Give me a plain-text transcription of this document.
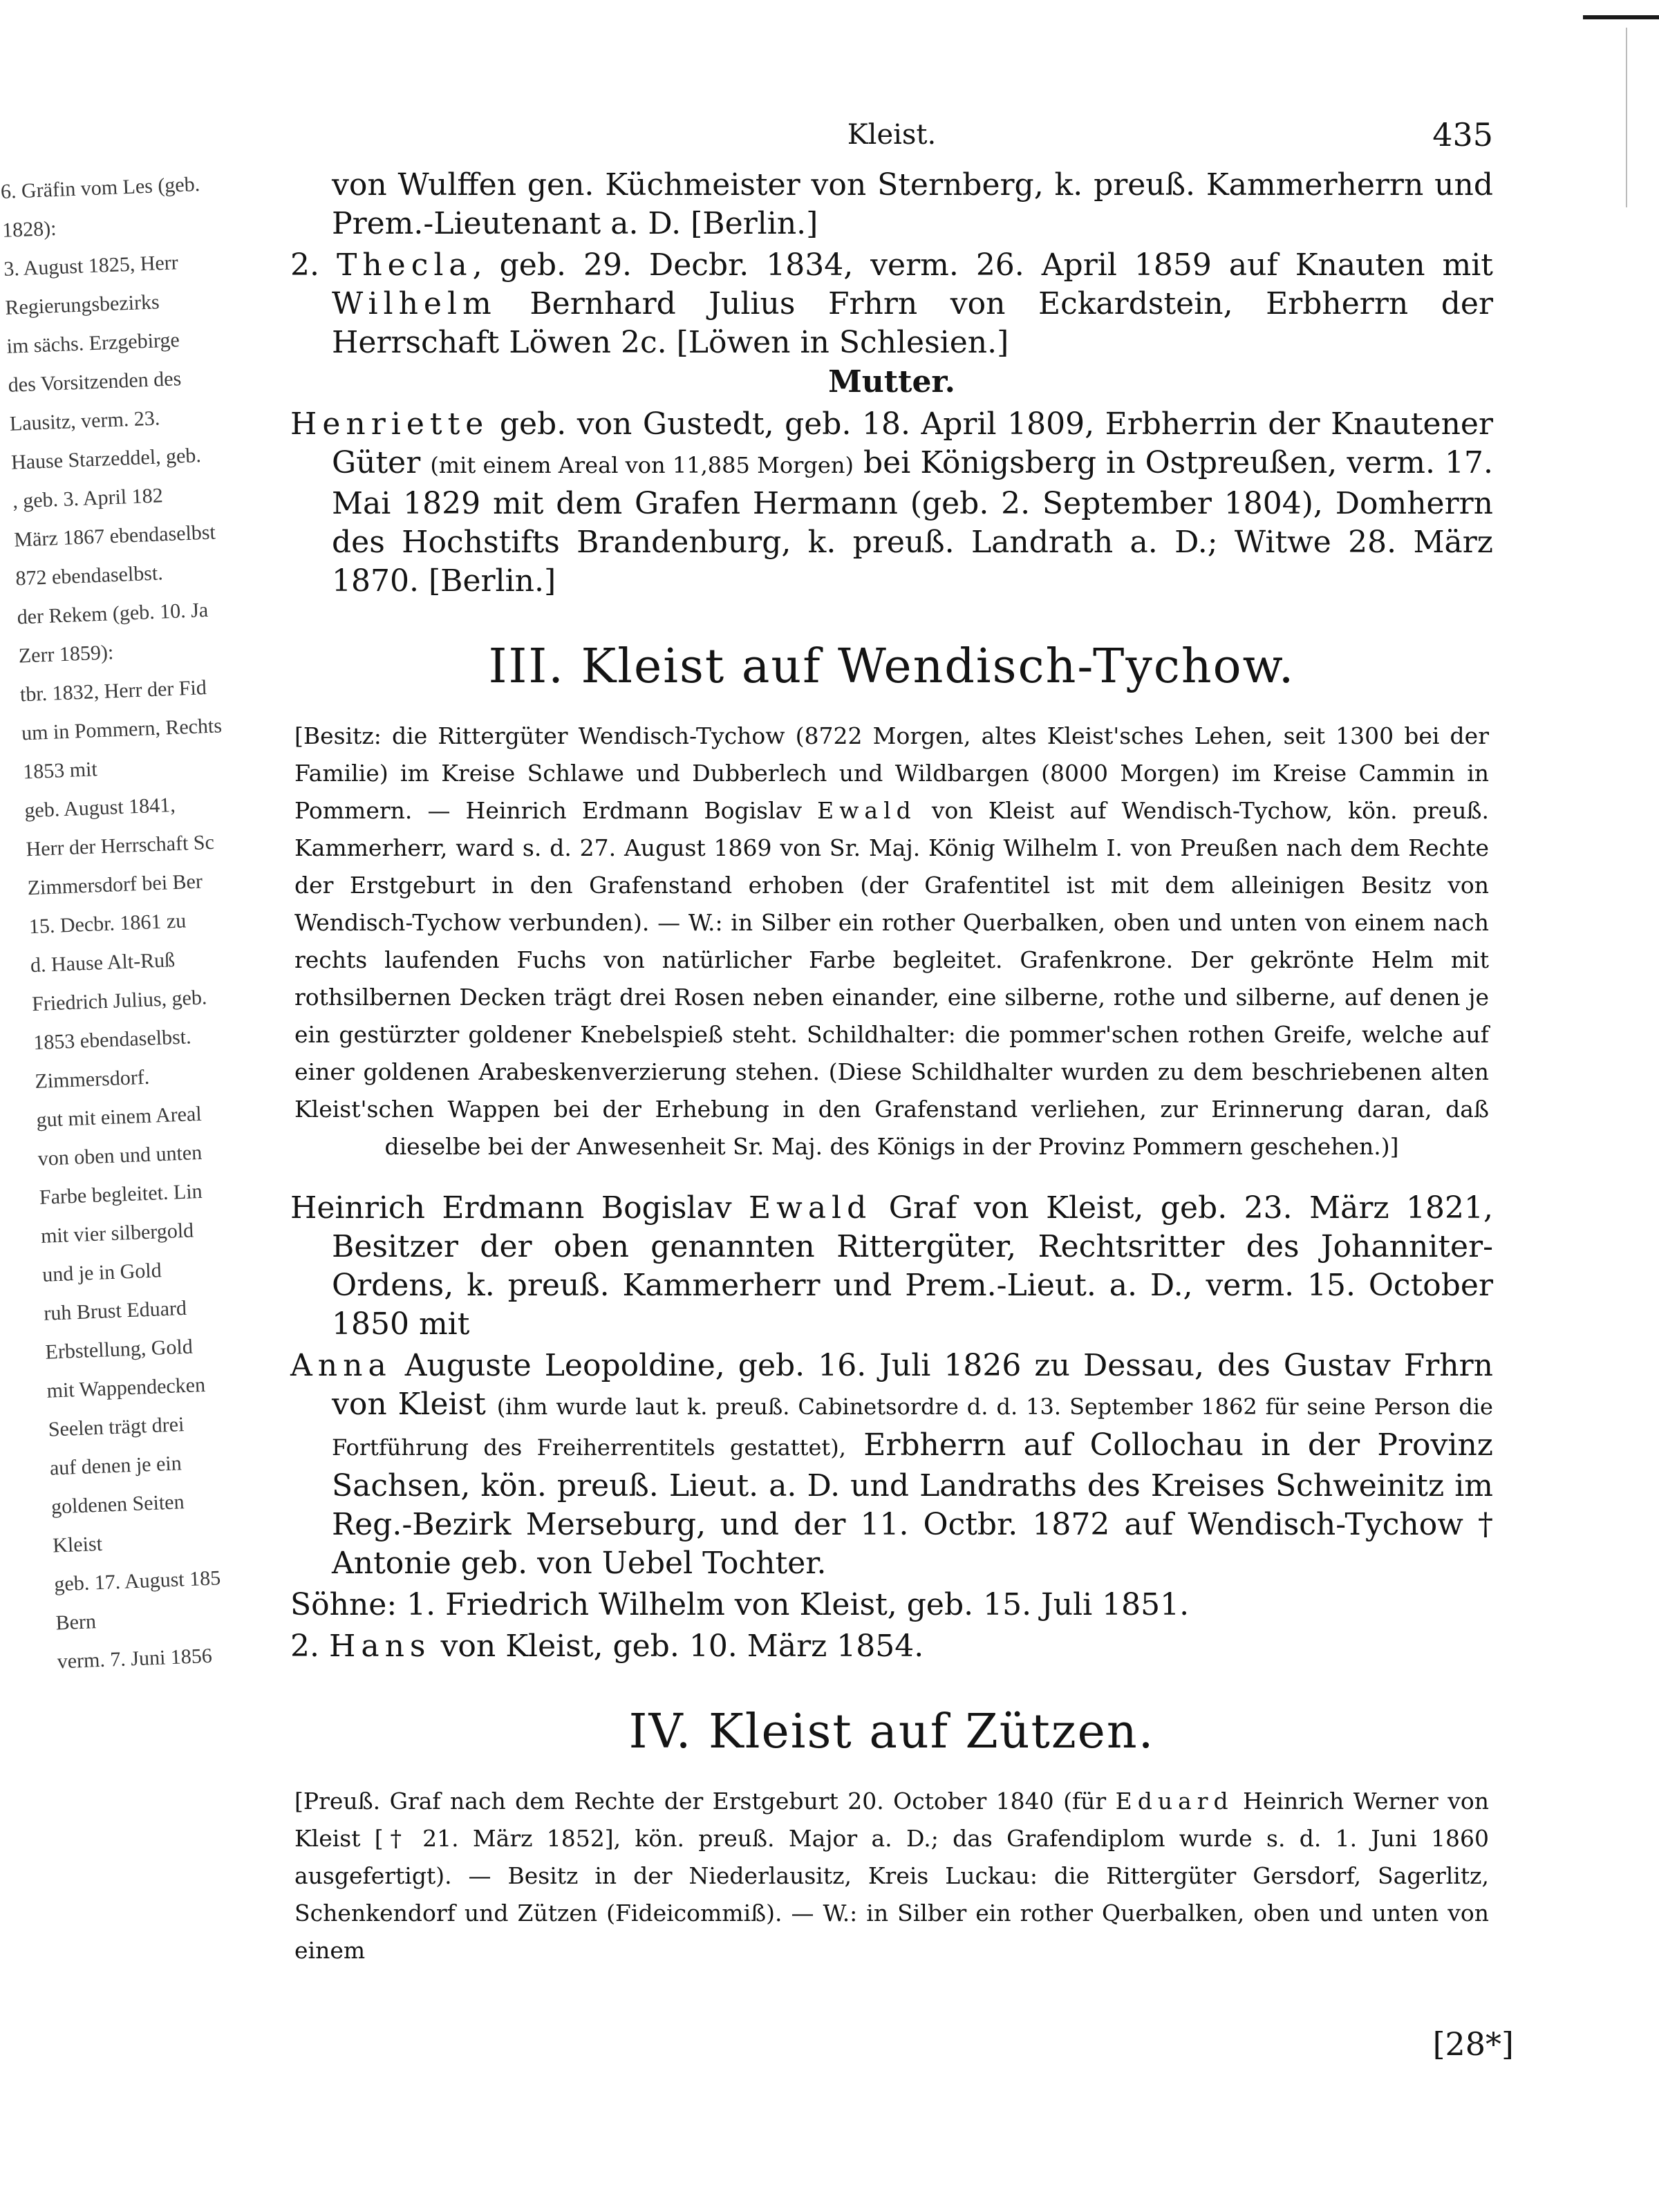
6. Gräfin vom Les (geb.
1828):
3. August 1825, Herr
Regierungsbezirks
im sächs. Erzgebirge
des Vorsitzenden des
Lausitz, verm. 23.
Hause Starzeddel, geb.
, geb. 3. April 182
März 1867 ebendaselbst
872 ebendaselbst.
der Rekem (geb. 10. Ja
Zerr 1859):
tbr. 1832, Herr der Fid
um in Pommern, Rechts
1853 mit
geb. August 1841,
Herr der Herrschaft Sc
Zimmersdorf bei Ber
15. Decbr. 1861 zu
d. Hause Alt-Ruß
Friedrich Julius, geb.
1853 ebendaselbst.
Zimmersdorf.
gut mit einem Areal
von oben und unten
Farbe begleitet. Lin
mit vier silbergold
und je in Gold
ruh Brust Eduard
Erbstellung, Gold
mit Wappendecken
Seelen trägt drei
auf denen je ein
goldenen Seiten
Kleist
geb. 17. August 185
Bern
verm. 7. Juni 1856
Kleist.	435

von Wulffen gen. Küchmeister von Sternberg, k. preuß. Kammerherrn und Prem.-Lieutenant a. D. [Berlin.]

2. Thecla, geb. 29. Decbr. 1834, verm. 26. April 1859 auf Knauten mit Wilhelm Bernhard Julius Frhrn von Eckardstein, Erbherrn der Herrschaft Löwen 2c. [Löwen in Schlesien.]

Mutter.

Henriette geb. von Gustedt, geb. 18. April 1809, Erbherrin der Knautener Güter (mit einem Areal von 11,885 Morgen) bei Königsberg in Ostpreußen, verm. 17. Mai 1829 mit dem Grafen Hermann (geb. 2. September 1804), Domherrn des Hochstifts Brandenburg, k. preuß. Landrath a. D.; Witwe 28. März 1870. [Berlin.]

III. Kleist auf Wendisch-Tychow.

[Besitz: die Rittergüter Wendisch-Tychow (8722 Morgen, altes Kleist'sches Lehen, seit 1300 bei der Familie) im Kreise Schlawe und Dubberlech und Wildbargen (8000 Morgen) im Kreise Cammin in Pommern. — Heinrich Erdmann Bogislav Ewald von Kleist auf Wendisch-Tychow, kön. preuß. Kammerherr, ward s. d. 27. August 1869 von Sr. Maj. König Wilhelm I. von Preußen nach dem Rechte der Erstgeburt in den Grafenstand erhoben (der Grafentitel ist mit dem alleinigen Besitz von Wendisch-Tychow verbunden). — W.: in Silber ein rother Querbalken, oben und unten von einem nach rechts laufenden Fuchs von natürlicher Farbe begleitet. Grafenkrone. Der gekrönte Helm mit rothsilbernen Decken trägt drei Rosen neben einander, eine silberne, rothe und silberne, auf denen je ein gestürzter goldener Knebelspieß steht. Schildhalter: die pommer'schen rothen Greife, welche auf einer goldenen Arabeskenverzierung stehen. (Diese Schildhalter wurden zu dem beschriebenen alten Kleist'schen Wappen bei der Erhebung in den Grafenstand verliehen, zur Erinnerung daran, daß dieselbe bei der Anwesenheit Sr. Maj. des Königs in der Provinz Pommern geschehen.)]

Heinrich Erdmann Bogislav Ewald Graf von Kleist, geb. 23. März 1821, Besitzer der oben genannten Rittergüter, Rechtsritter des Johanniter-Ordens, k. preuß. Kammerherr und Prem.-Lieut. a. D., verm. 15. October 1850 mit

Anna Auguste Leopoldine, geb. 16. Juli 1826 zu Dessau, des Gustav Frhrn von Kleist (ihm wurde laut k. preuß. Cabinetsordre d. d. 13. September 1862 für seine Person die Fortführung des Freiherrentitels gestattet), Erbherrn auf Collochau in der Provinz Sachsen, kön. preuß. Lieut. a. D. und Landraths des Kreises Schweinitz im Reg.-Bezirk Merseburg, und der 11. Octbr. 1872 auf Wendisch-Tychow † Antonie geb. von Uebel Tochter.

Söhne: 1. Friedrich Wilhelm von Kleist, geb. 15. Juli 1851.

2. Hans von Kleist, geb. 10. März 1854.

IV. Kleist auf Zützen.

[Preuß. Graf nach dem Rechte der Erstgeburt 20. October 1840 (für Eduard Heinrich Werner von Kleist [† 21. März 1852], kön. preuß. Major a. D.; das Grafendiplom wurde s. d. 1. Juni 1860 ausgefertigt). — Besitz in der Niederlausitz, Kreis Luckau: die Rittergüter Gersdorf, Sagerlitz, Schenkendorf und Zützen (Fideicommiß). — W.: in Silber ein rother Querbalken, oben und unten von einem

[28*]
